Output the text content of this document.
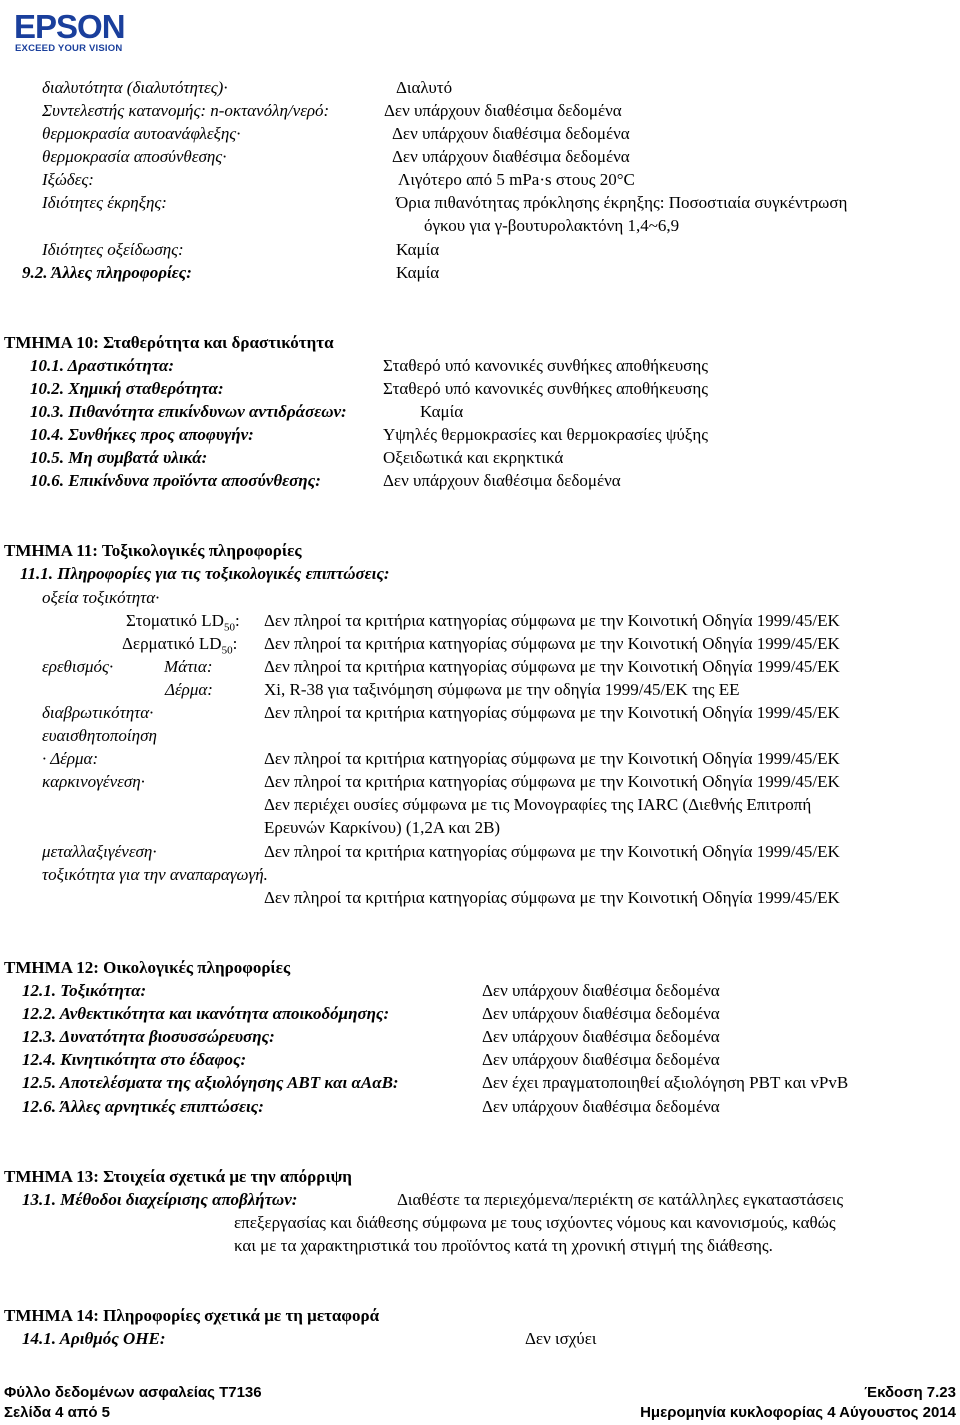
EPSON
EXCEED YOUR VISION
διαλυτότητα (διαλυτότητες)·	Διαλυτό
Συντελεστής κατανομής: n-οκτανόλη/νερό:	Δεν υπάρχουν διαθέσιμα δεδομένα
θερμοκρασία αυτοανάφλεξης·	Δεν υπάρχουν διαθέσιμα δεδομένα
θερμοκρασία αποσύνθεσης·	Δεν υπάρχουν διαθέσιμα δεδομένα
Ιξώδες:	Λιγότερο από 5 mPa·s στους 20°C
Ιδιότητες έκρηξης:	Όρια πιθανότητας πρόκλησης έκρηξης: Ποσοστιαία συγκέντρωση
όγκου για γ-βουτυρολακτόνη 1,4~6,9
Ιδιότητες οξείδωσης:	Καμία
9.2. Άλλες πληροφορίες:	Καμία
ΤΜΗΜΑ 10: Σταθερότητα και δραστικότητα
10.1. Δραστικότητα:	Σταθερό υπό κανονικές συνθήκες αποθήκευσης
10.2. Χημική σταθερότητα:	Σταθερό υπό κανονικές συνθήκες αποθήκευσης
10.3. Πιθανότητα επικίνδυνων αντιδράσεων:	Καμία
10.4. Συνθήκες προς αποφυγήν:	Υψηλές θερμοκρασίες και θερμοκρασίες ψύξης
10.5. Μη συμβατά υλικά:	Οξειδωτικά και εκρηκτικά
10.6. Επικίνδυνα προϊόντα αποσύνθεσης:	Δεν υπάρχουν διαθέσιμα δεδομένα
ΤΜΗΜΑ 11: Τοξικολογικές πληροφορίες
11.1. Πληροφορίες για τις τοξικολογικές επιπτώσεις:
οξεία τοξικότητα·
Στοματικό $LD_{50}$: Δεν πληροί τα κριτήρια κατηγορίας σύμφωνα με την Κοινοτική Οδηγία 1999/45/EK
Δερματικό $LD_{50}$: Δεν πληροί τα κριτήρια κατηγορίας σύμφωνα με την Κοινοτική Οδηγία 1999/45/EK
ερεθισμός·	Μάτια:	Δεν πληροί τα κριτήρια κατηγορίας σύμφωνα με την Κοινοτική Οδηγία 1999/45/EK
Δέρμα:	Xi, R-38 για ταξινόμηση σύμφωνα με την οδηγία 1999/45/EK της EE
διαβρωτικότητα·	Δεν πληροί τα κριτήρια κατηγορίας σύμφωνα με την Κοινοτική Οδηγία 1999/45/EK
ευαισθητοποίηση
· Δέρμα:	Δεν πληροί τα κριτήρια κατηγορίας σύμφωνα με την Κοινοτική Οδηγία 1999/45/EK
καρκινογένεση·	Δεν πληροί τα κριτήρια κατηγορίας σύμφωνα με την Κοινοτική Οδηγία 1999/45/EK
Δεν περιέχει ουσίες σύμφωνα με τις Μονογραφίες της IARC (Διεθνής Επιτροπή
Ερευνών Καρκίνου) (1,2A και 2B)
μεταλλαξιγένεση·	Δεν πληροί τα κριτήρια κατηγορίας σύμφωνα με την Κοινοτική Οδηγία 1999/45/EK
τοξικότητα για την αναπαραγωγή.
Δεν πληροί τα κριτήρια κατηγορίας σύμφωνα με την Κοινοτική Οδηγία 1999/45/EK
ΤΜΗΜΑ 12: Οικολογικές πληροφορίες
12.1. Τοξικότητα:	Δεν υπάρχουν διαθέσιμα δεδομένα
12.2. Ανθεκτικότητα και ικανότητα αποικοδόμησης:	Δεν υπάρχουν διαθέσιμα δεδομένα
12.3. Δυνατότητα βιοσυσσώρευσης:	Δεν υπάρχουν διαθέσιμα δεδομένα
12.4. Κινητικότητα στο έδαφος:	Δεν υπάρχουν διαθέσιμα δεδομένα
12.5. Αποτελέσματα της αξιολόγησης ΑΒΤ και αΑαΒ:	Δεν έχει πραγματοποιηθεί αξιολόγηση PBT και vPvB
12.6. Άλλες αρνητικές επιπτώσεις:	Δεν υπάρχουν διαθέσιμα δεδομένα
ΤΜΗΜΑ 13: Στοιχεία σχετικά με την απόρριψη
13.1. Μέθοδοι διαχείρισης αποβλήτων:	Διαθέστε τα περιεχόμενα/περιέκτη σε κατάλληλες εγκαταστάσεις
επεξεργασίας και διάθεσης σύμφωνα με τους ισχύοντες νόμους και κανονισμούς, καθώς
και με τα χαρακτηριστικά του προϊόντος κατά τη χρονική στιγμή της διάθεσης.
ΤΜΗΜΑ 14: Πληροφορίες σχετικά με τη μεταφορά
14.1. Αριθμός ΟΗΕ:	Δεν ισχύει
Φύλλο δεδομένων ασφαλείας T7136
Σελίδα 4 από 5
Έκδοση 7.23
Ημερομηνία κυκλοφορίας 4 Αύγουστος 2014
